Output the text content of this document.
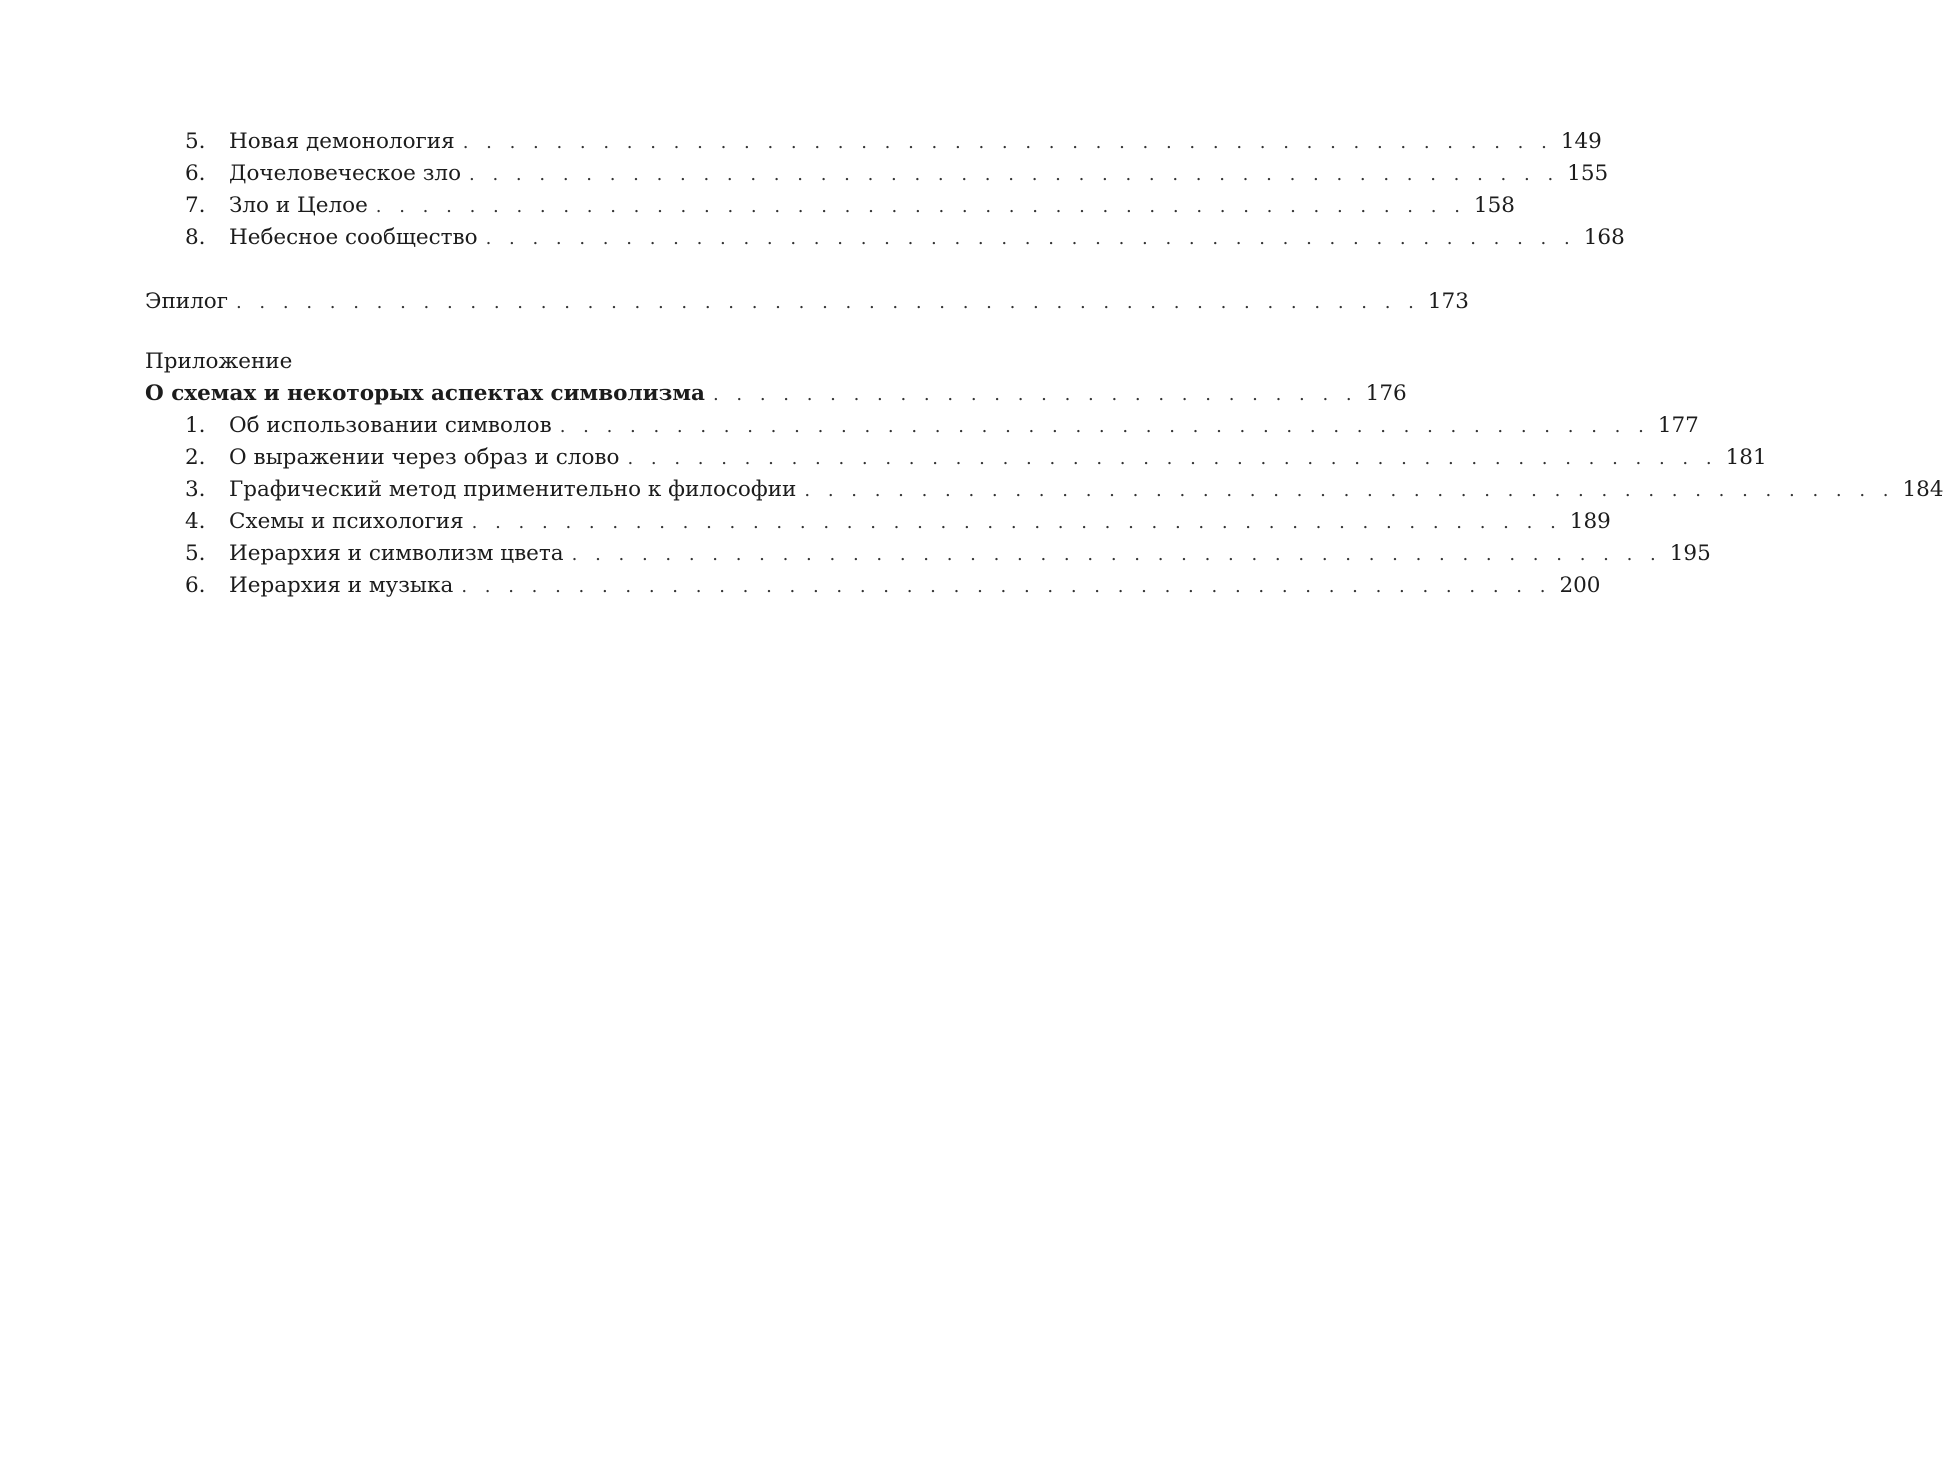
5.	Новая демонология . . . . . . . . . . . . . . . . . . . . . . . . . . . . . . . . . . . . . . . . . . . . . . . 149
6.	Дочеловеческое зло . . . . . . . . . . . . . . . . . . . . . . . . . . . . . . . . . . . . . . . . . . . . . . . 155
7.	Зло и Целое . . . . . . . . . . . . . . . . . . . . . . . . . . . . . . . . . . . . . . . . . . . . . . . 158
8.	Небесное сообщество . . . . . . . . . . . . . . . . . . . . . . . . . . . . . . . . . . . . . . . . . . . . . . . 168
Эпилог . . . . . . . . . . . . . . . . . . . . . . . . . . . . . . . . . . . . . . . . . . . . . . . . . . . 173
Приложение
О схемах и некоторых аспектах символизма . . . . . . . . . . . . . . . . . . . . . . . . . . . . 176
1.	Об использовании символов . . . . . . . . . . . . . . . . . . . . . . . . . . . . . . . . . . . . . . . . . . . . . . . 177
2.	О выражении через образ и слово . . . . . . . . . . . . . . . . . . . . . . . . . . . . . . . . . . . . . . . . . . . . . . . 181
3.	Графический метод применительно к философии . . . . . . . . . . . . . . . . . . . . . . . . . . . . . . . . . . . . . . . . . . . . . . . 184
4.	Схемы и психология . . . . . . . . . . . . . . . . . . . . . . . . . . . . . . . . . . . . . . . . . . . . . . . 189
5.	Иерархия и символизм цвета . . . . . . . . . . . . . . . . . . . . . . . . . . . . . . . . . . . . . . . . . . . . . . . 195
6.	Иерархия и музыка . . . . . . . . . . . . . . . . . . . . . . . . . . . . . . . . . . . . . . . . . . . . . . . 200
